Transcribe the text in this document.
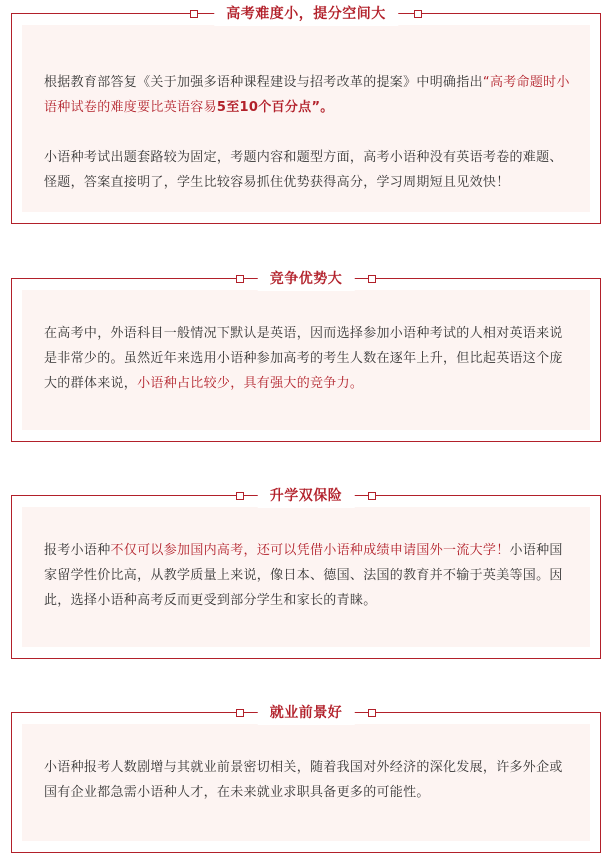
根据教育部答复《关于加强多语种课程建设与招考改革的提案》中明确指出“高考命题时小语种试卷的难度要比英语容易5至10个百分点”。

小语种考试出题套路较为固定，考题内容和题型方面，高考小语种没有英语考卷的难题、怪题，答案直接明了，学生比较容易抓住优势获得高分，学习周期短且见效快！

高考难度小，提分空间大

在高考中，外语科目一般情况下默认是英语，因而选择参加小语种考试的人相对英语来说是非常少的。虽然近年来选用小语种参加高考的考生人数在逐年上升，但比起英语这个庞大的群体来说，小语种占比较少，具有强大的竞争力。

竞争优势大

报考小语种不仅可以参加国内高考，还可以凭借小语种成绩申请国外一流大学！小语种国家留学性价比高，从教学质量上来说，像日本、德国、法国的教育并不输于英美等国。因此，选择小语种高考反而更受到部分学生和家长的青睐。

升学双保险

小语种报考人数剧增与其就业前景密切相关，随着我国对外经济的深化发展，许多外企或国有企业都急需小语种人才，在未来就业求职具备更多的可能性。

就业前景好
